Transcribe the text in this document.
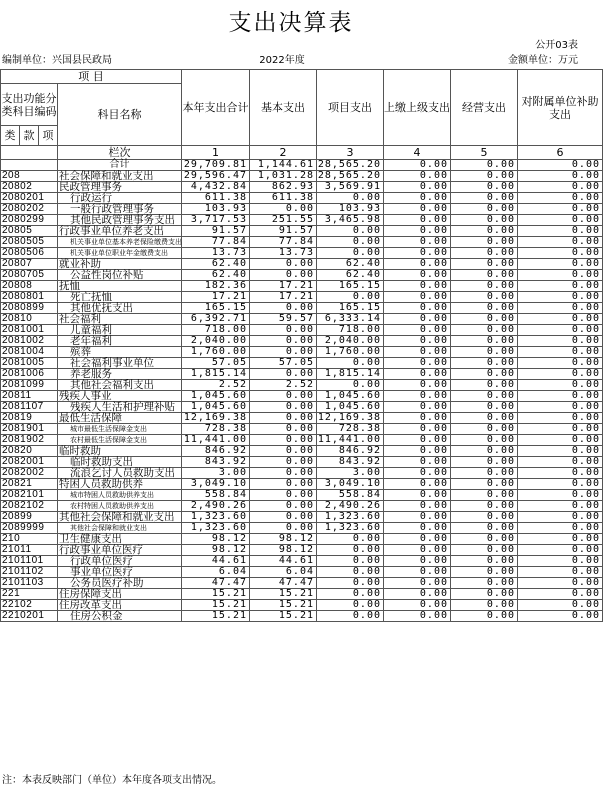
支出决算表
公开03表
编制单位：兴国县民政局	2022年度	金额单位：万元
项 目				本年支出合计	基本支出	项目支出	上缴上级支出	经营支出	对附属单位补助支出
支出功能分类科目编码			科目名称						
类	款	项							
			栏次	1	2	3	4	5	6
			合计	29,709.81	1,144.61	28,565.20	0.00	0.00	0.00
208			社会保障和就业支出	29,596.47	1,031.28	28,565.20	0.00	0.00	0.00
20802			民政管理事务	4,432.84	862.93	3,569.91	0.00	0.00	0.00
2080201			行政运行	611.38	611.38	0.00	0.00	0.00	0.00
2080202			一般行政管理事务	103.93	0.00	103.93	0.00	0.00	0.00
2080299			其他民政管理事务支出	3,717.53	251.55	3,465.98	0.00	0.00	0.00
20805			行政事业单位养老支出	91.57	91.57	0.00	0.00	0.00	0.00
2080505			机关事业单位基本养老保险缴费支出	77.84	77.84	0.00	0.00	0.00	0.00
2080506			机关事业单位职业年金缴费支出	13.73	13.73	0.00	0.00	0.00	0.00
20807			就业补助	62.40	0.00	62.40	0.00	0.00	0.00
2080705			公益性岗位补贴	62.40	0.00	62.40	0.00	0.00	0.00
20808			抚恤	182.36	17.21	165.15	0.00	0.00	0.00
2080801			死亡抚恤	17.21	17.21	0.00	0.00	0.00	0.00
2080899			其他优抚支出	165.15	0.00	165.15	0.00	0.00	0.00
20810			社会福利	6,392.71	59.57	6,333.14	0.00	0.00	0.00
2081001			儿童福利	718.00	0.00	718.00	0.00	0.00	0.00
2081002			老年福利	2,040.00	0.00	2,040.00	0.00	0.00	0.00
2081004			殡葬	1,760.00	0.00	1,760.00	0.00	0.00	0.00
2081005			社会福利事业单位	57.05	57.05	0.00	0.00	0.00	0.00
2081006			养老服务	1,815.14	0.00	1,815.14	0.00	0.00	0.00
2081099			其他社会福利支出	2.52	2.52	0.00	0.00	0.00	0.00
20811			残疾人事业	1,045.60	0.00	1,045.60	0.00	0.00	0.00
2081107			残疾人生活和护理补贴	1,045.60	0.00	1,045.60	0.00	0.00	0.00
20819			最低生活保障	12,169.38	0.00	12,169.38	0.00	0.00	0.00
2081901			城市最低生活保障金支出	728.38	0.00	728.38	0.00	0.00	0.00
2081902			农村最低生活保障金支出	11,441.00	0.00	11,441.00	0.00	0.00	0.00
20820			临时救助	846.92	0.00	846.92	0.00	0.00	0.00
2082001			临时救助支出	843.92	0.00	843.92	0.00	0.00	0.00
2082002			流浪乞讨人员救助支出	3.00	0.00	3.00	0.00	0.00	0.00
20821			特困人员救助供养	3,049.10	0.00	3,049.10	0.00	0.00	0.00
2082101			城市特困人员救助供养支出	558.84	0.00	558.84	0.00	0.00	0.00
2082102			农村特困人员救助供养支出	2,490.26	0.00	2,490.26	0.00	0.00	0.00
20899			其他社会保障和就业支出	1,323.60	0.00	1,323.60	0.00	0.00	0.00
2089999			其他社会保障和就业支出	1,323.60	0.00	1,323.60	0.00	0.00	0.00
210			卫生健康支出	98.12	98.12	0.00	0.00	0.00	0.00
21011			行政事业单位医疗	98.12	98.12	0.00	0.00	0.00	0.00
2101101			行政单位医疗	44.61	44.61	0.00	0.00	0.00	0.00
2101102			事业单位医疗	6.04	6.04	0.00	0.00	0.00	0.00
2101103			公务员医疗补助	47.47	47.47	0.00	0.00	0.00	0.00
221			住房保障支出	15.21	15.21	0.00	0.00	0.00	0.00
22102			住房改革支出	15.21	15.21	0.00	0.00	0.00	0.00
2210201			住房公积金	15.21	15.21	0.00	0.00	0.00	0.00
注：本表反映部门（单位）本年度各项支出情况。
